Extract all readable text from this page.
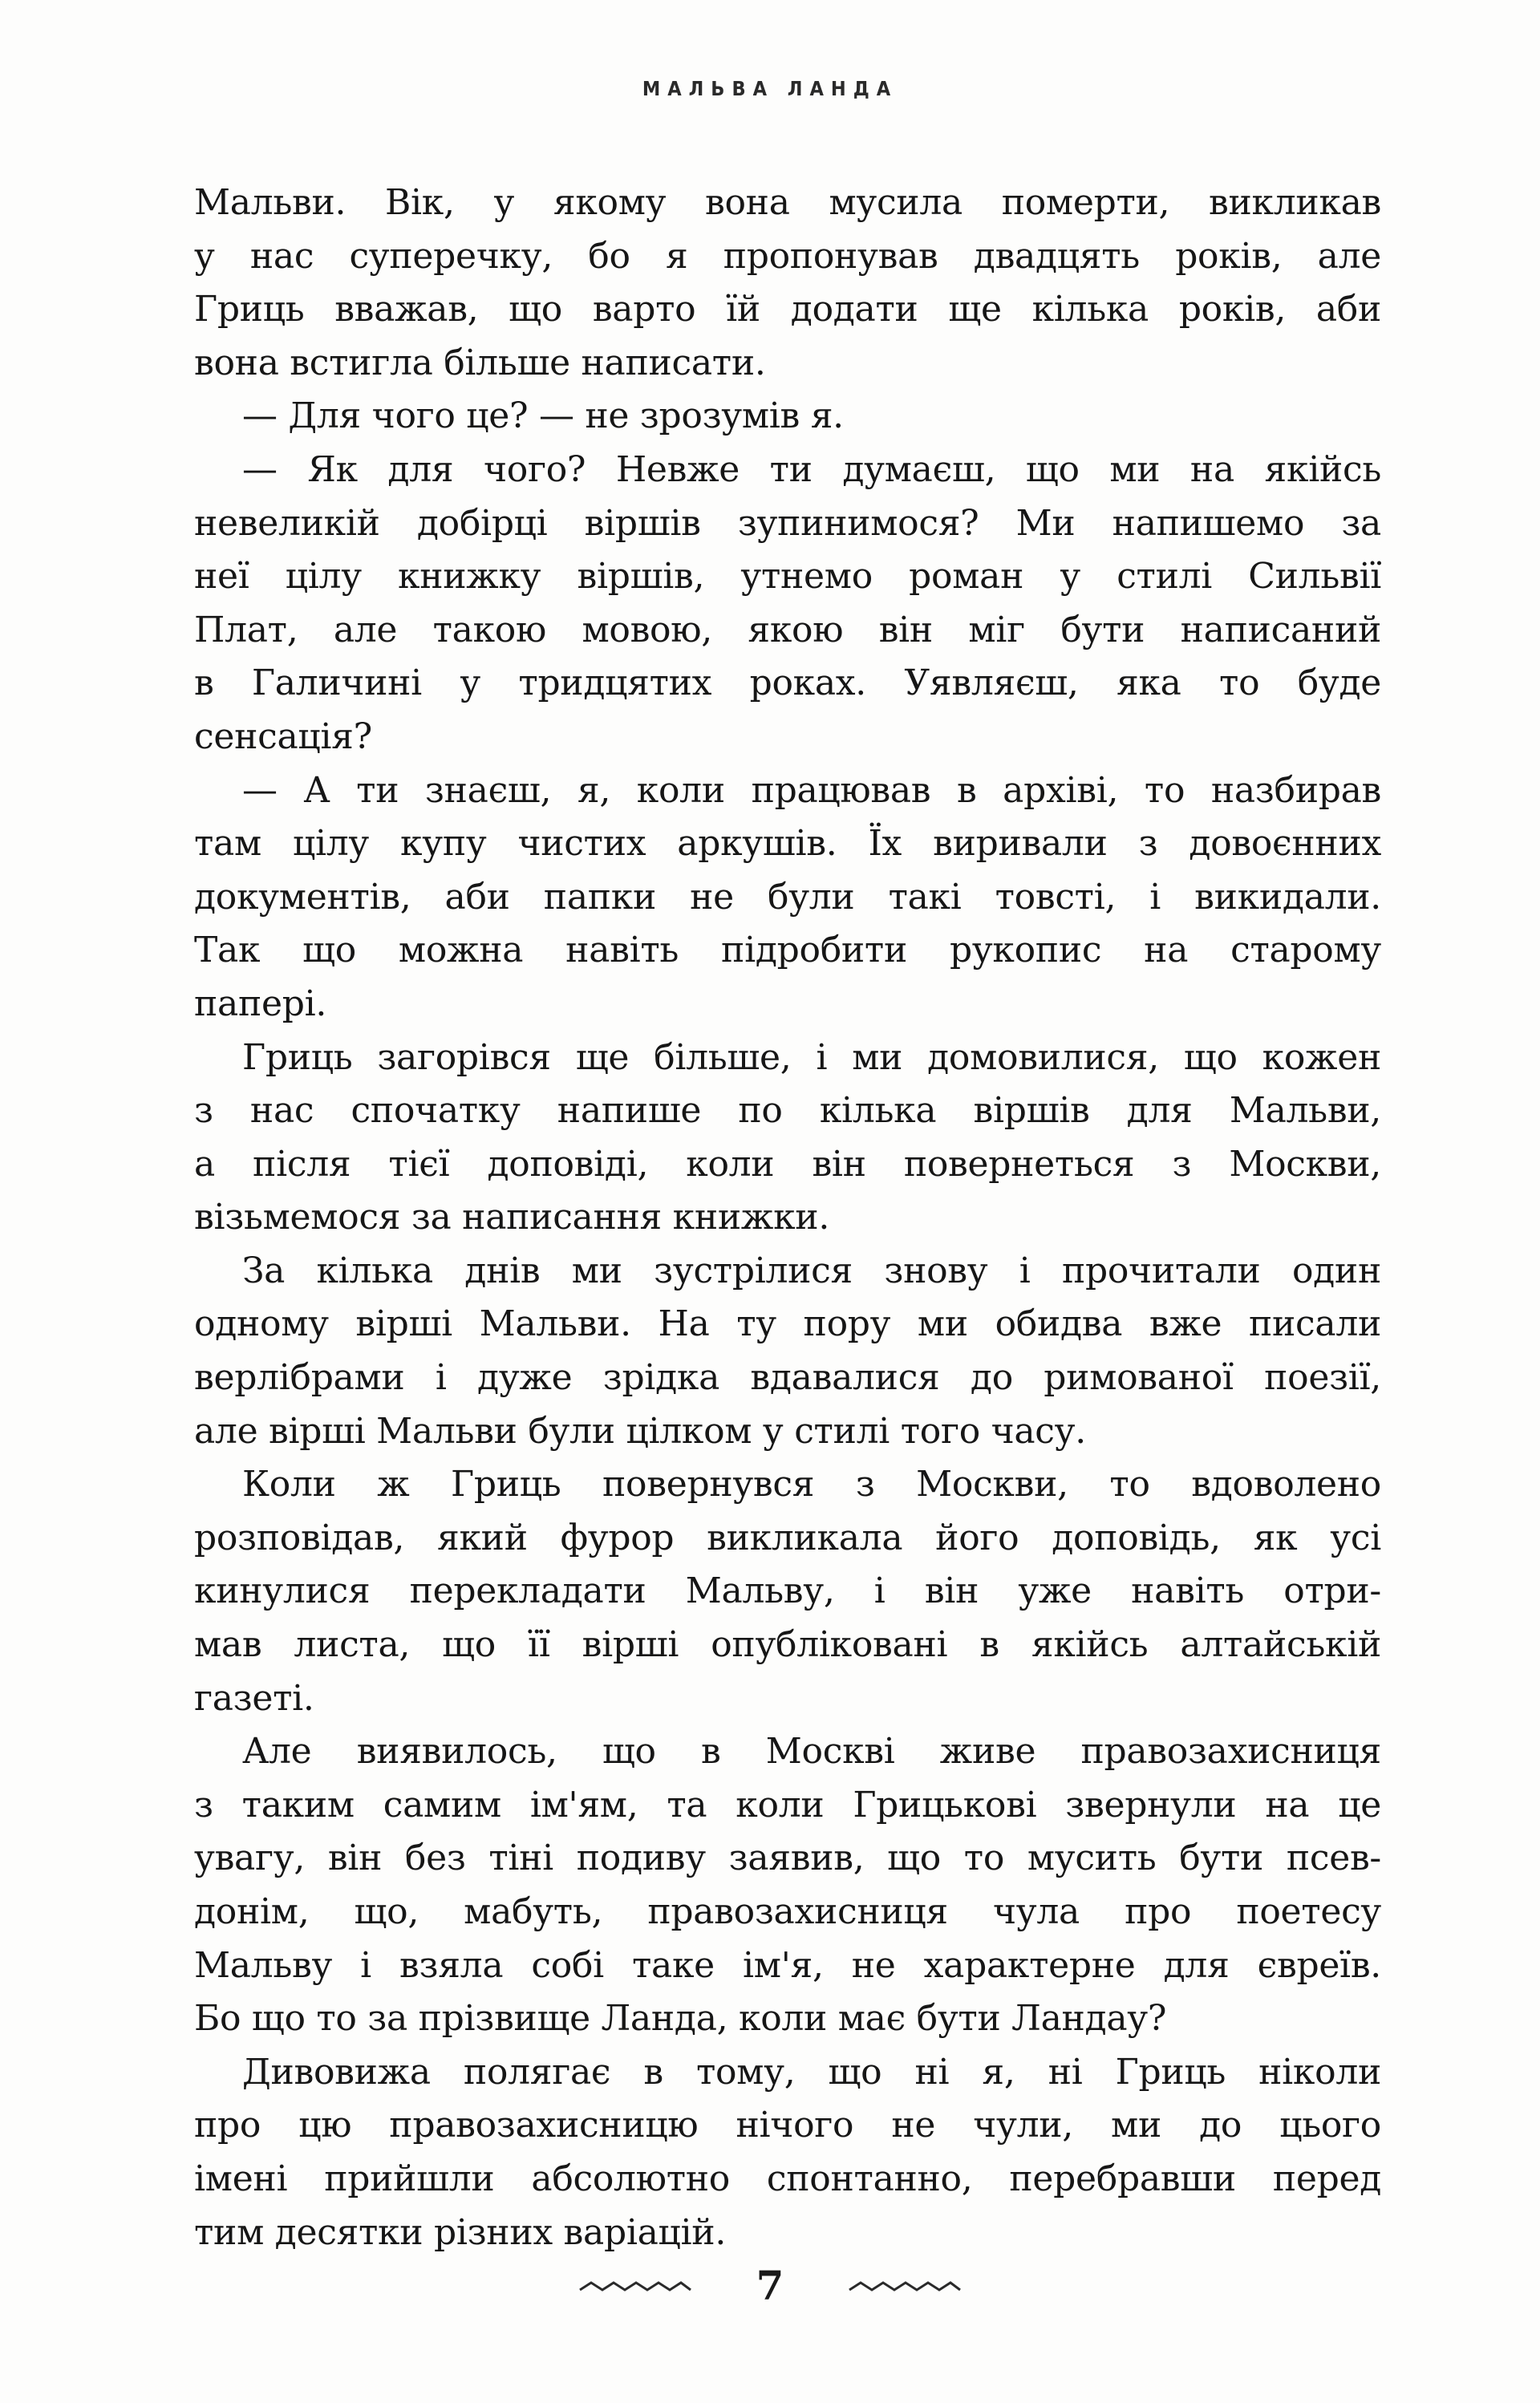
МАЛЬВА ЛАНДА
Мальви. Вік, у якому вона мусила померти, викликав
у нас суперечку, бо я пропонував двадцять років, але
Гриць вважав, що варто їй додати ще кілька років, аби
вона встигла більше написати.
— Для чого це? — не зрозумів я.
— Як для чого? Невже ти думаєш, що ми на якійсь
невеликій добірці віршів зупинимося? Ми напишемо за
неї цілу книжку віршів, утнемо роман у стилі Сильвії
Плат, але такою мовою, якою він міг бути написаний
в Галичині у тридцятих роках. Уявляєш, яка то буде
сенсація?
— А ти знаєш, я, коли працював в архіві, то назбирав
там цілу купу чистих аркушів. Їх виривали з довоєнних
документів, аби папки не були такі товсті, і викидали.
Так що можна навіть підробити рукопис на старому
папері.
Гриць загорівся ще більше, і ми домовилися, що кожен
з нас спочатку напише по кілька віршів для Мальви,
а після тієї доповіді, коли він повернеться з Москви,
візьмемося за написання книжки.
За кілька днів ми зустрілися знову і прочитали один
одному вірші Мальви. На ту пору ми обидва вже писали
верлібрами і дуже зрідка вдавалися до римованої поезії,
але вірші Мальви були цілком у стилі того часу.
Коли ж Гриць повернувся з Москви, то вдоволено
розповідав, який фурор викликала його доповідь, як усі
кинулися перекладати Мальву, і він уже навіть отри-
мав листа, що її вірші опубліковані в якійсь алтайській
газеті.
Але виявилось, що в Москві живе правозахисниця
з таким самим ім'ям, та коли Грицькові звернули на це
увагу, він без тіні подиву заявив, що то мусить бути псев-
донім, що, мабуть, правозахисниця чула про поетесу
Мальву і взяла собі таке ім'я, не характерне для євреїв.
Бо що то за прізвище Ланда, коли має бути Ландау?
Дивовижа полягає в тому, що ні я, ні Гриць ніколи
про цю правозахисницю нічого не чули, ми до цього
імені прийшли абсолютно спонтанно, перебравши перед
тим десятки різних варіацій.
7
